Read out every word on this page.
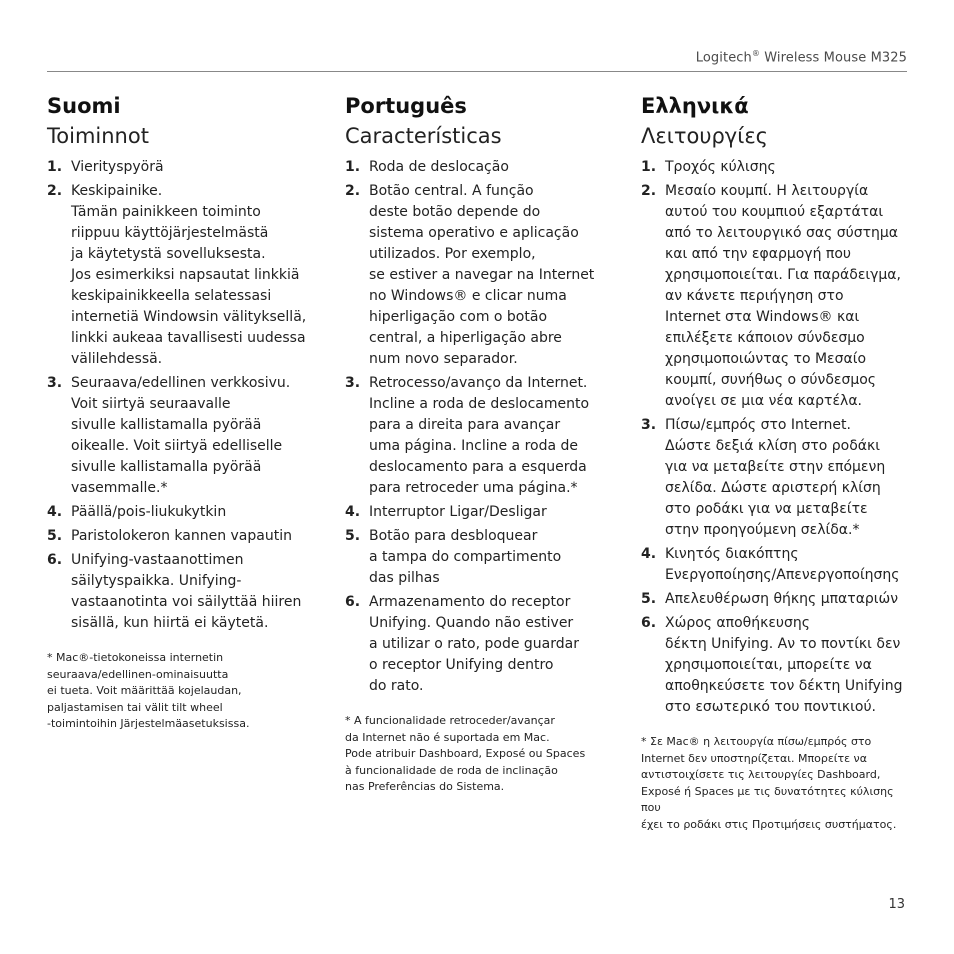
Logitech® Wireless Mouse M325
Suomi
Toiminnot
1. Vierityspyörä
2. Keskipainike.
Tämän painikkeen toiminto
riippuu käyttöjärjestelmästä
ja käytetystä sovelluksesta.
Jos esimerkiksi napsautat linkkiä
keskipainikkeella selatessasi
internetiä Windowsin välityksellä,
linkki aukeaa tavallisesti uudessa
välilehdessä.
3. Seuraava/edellinen verkkosivu.
Voit siirtyä seuraavalle
sivulle kallistamalla pyörää
oikealle. Voit siirtyä edelliselle
sivulle kallistamalla pyörää
vasemmalle.*
4. Päällä/pois-liukukytkin
5. Paristolokeron kannen vapautin
6. Unifying-vastaanottimen
säilytyspaikka. Unifying-
vastaanotinta voi säilyttää hiiren
sisällä, kun hiirtä ei käytetä.
* Mac®-tietokoneissa internetin
seuraava/edellinen-ominaisuutta
ei tueta. Voit määrittää kojelaudan,
paljastamisen tai välit tilt wheel
-toimintoihin Järjestelmäasetuksissa.
Português
Características
1. Roda de deslocação
2. Botão central. A função
deste botão depende do
sistema operativo e aplicação
utilizados. Por exemplo,
se estiver a navegar na Internet
no Windows® e clicar numa
hiperligação com o botão
central, a hiperligação abre
num novo separador.
3. Retrocesso/avanço da Internet.
Incline a roda de deslocamento
para a direita para avançar
uma página. Incline a roda de
deslocamento para a esquerda
para retroceder uma página.*
4. Interruptor Ligar/Desligar
5. Botão para desbloquear
a tampa do compartimento
das pilhas
6. Armazenamento do receptor
Unifying. Quando não estiver
a utilizar o rato, pode guardar
o receptor Unifying dentro
do rato.
* A funcionalidade retroceder/avançar
da Internet não é suportada em Mac.
Pode atribuir Dashboard, Exposé ou Spaces
à funcionalidade de roda de inclinação
nas Preferências do Sistema.
Ελληνικά
Λειτουργίες
1. Τροχός κύλισης
2. Μεσαίο κουμπί. Η λειτουργία
αυτού του κουμπιού εξαρτάται
από το λειτουργικό σας σύστημα
και από την εφαρμογή που
χρησιμοποιείται. Για παράδειγμα,
αν κάνετε περιήγηση στο
Internet στα Windows® και
επιλέξετε κάποιον σύνδεσμο
χρησιμοποιώντας το Μεσαίο
κουμπί, συνήθως ο σύνδεσμος
ανοίγει σε μια νέα καρτέλα.
3. Πίσω/εμπρός στο Internet.
Δώστε δεξιά κλίση στο ροδάκι
για να μεταβείτε στην επόμενη
σελίδα. Δώστε αριστερή κλίση
στο ροδάκι για να μεταβείτε
στην προηγούμενη σελίδα.*
4. Κινητός διακόπτης
Ενεργοποίησης/Απενεργοποίησης
5. Απελευθέρωση θήκης μπαταριών
6. Χώρος αποθήκευσης
δέκτη Unifying. Αν το ποντίκι δεν
χρησιμοποιείται, μπορείτε να
αποθηκεύσετε τον δέκτη Unifying
στο εσωτερικό του ποντικιού.
* Σε Mac® η λειτουργία πίσω/εμπρός στο
Internet δεν υποστηρίζεται. Μπορείτε να
αντιστοιχίσετε τις λειτουργίες Dashboard,
Exposé ή Spaces με τις δυνατότητες κύλισης που
έχει το ροδάκι στις Προτιμήσεις συστήματος.
13
